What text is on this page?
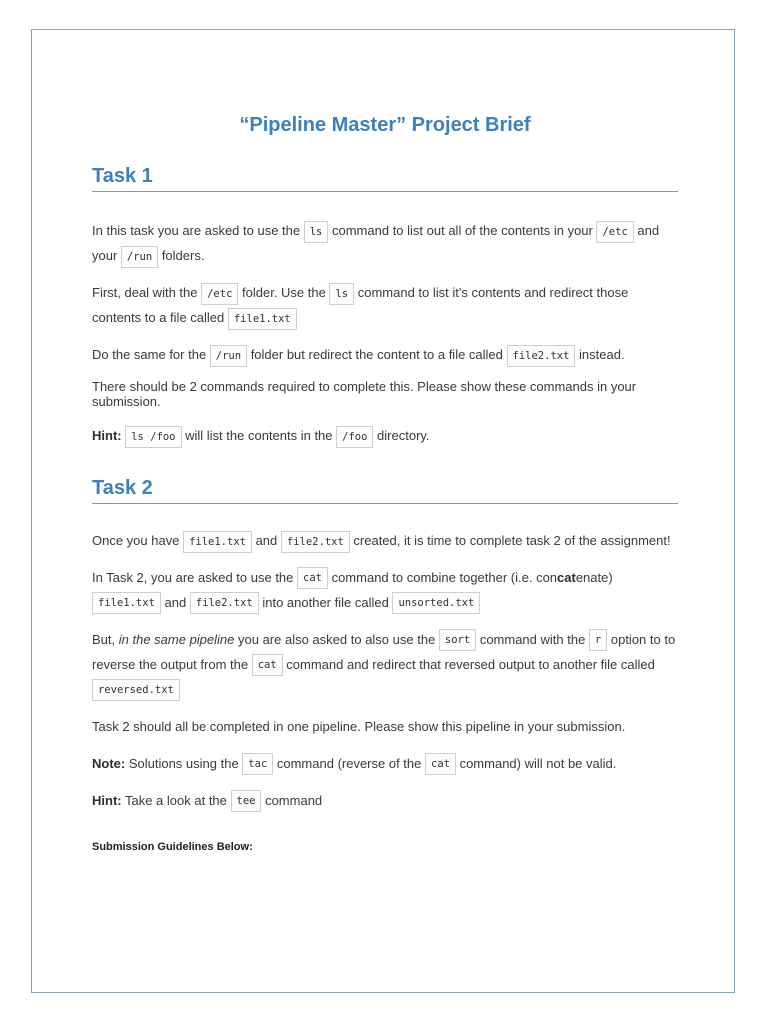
“Pipeline Master” Project Brief
Task 1

In this task you are asked to use the ls command to list out all of the contents in your /etc and your /run folders.

First, deal with the /etc folder. Use the ls command to list it's contents and redirect those contents to a file called file1.txt

Do the same for the /run folder but redirect the content to a file called file2.txt instead.

There should be 2 commands required to complete this. Please show these commands in your submission.

Hint: ls /foo will list the contents in the /foo directory.

Task 2

Once you have file1.txt and file2.txt created, it is time to complete task 2 of the assignment!

In Task 2, you are asked to use the cat command to combine together (i.e. concatenate) file1.txt and file2.txt into another file called unsorted.txt

But, in the same pipeline you are also asked to also use the sort command with the r option to to reverse the output from the cat command and redirect that reversed output to another file called reversed.txt

Task 2 should all be completed in one pipeline. Please show this pipeline in your submission.

Note: Solutions using the tac command (reverse of the cat command) will not be valid.

Hint: Take a look at the tee command

Submission Guidelines Below:
